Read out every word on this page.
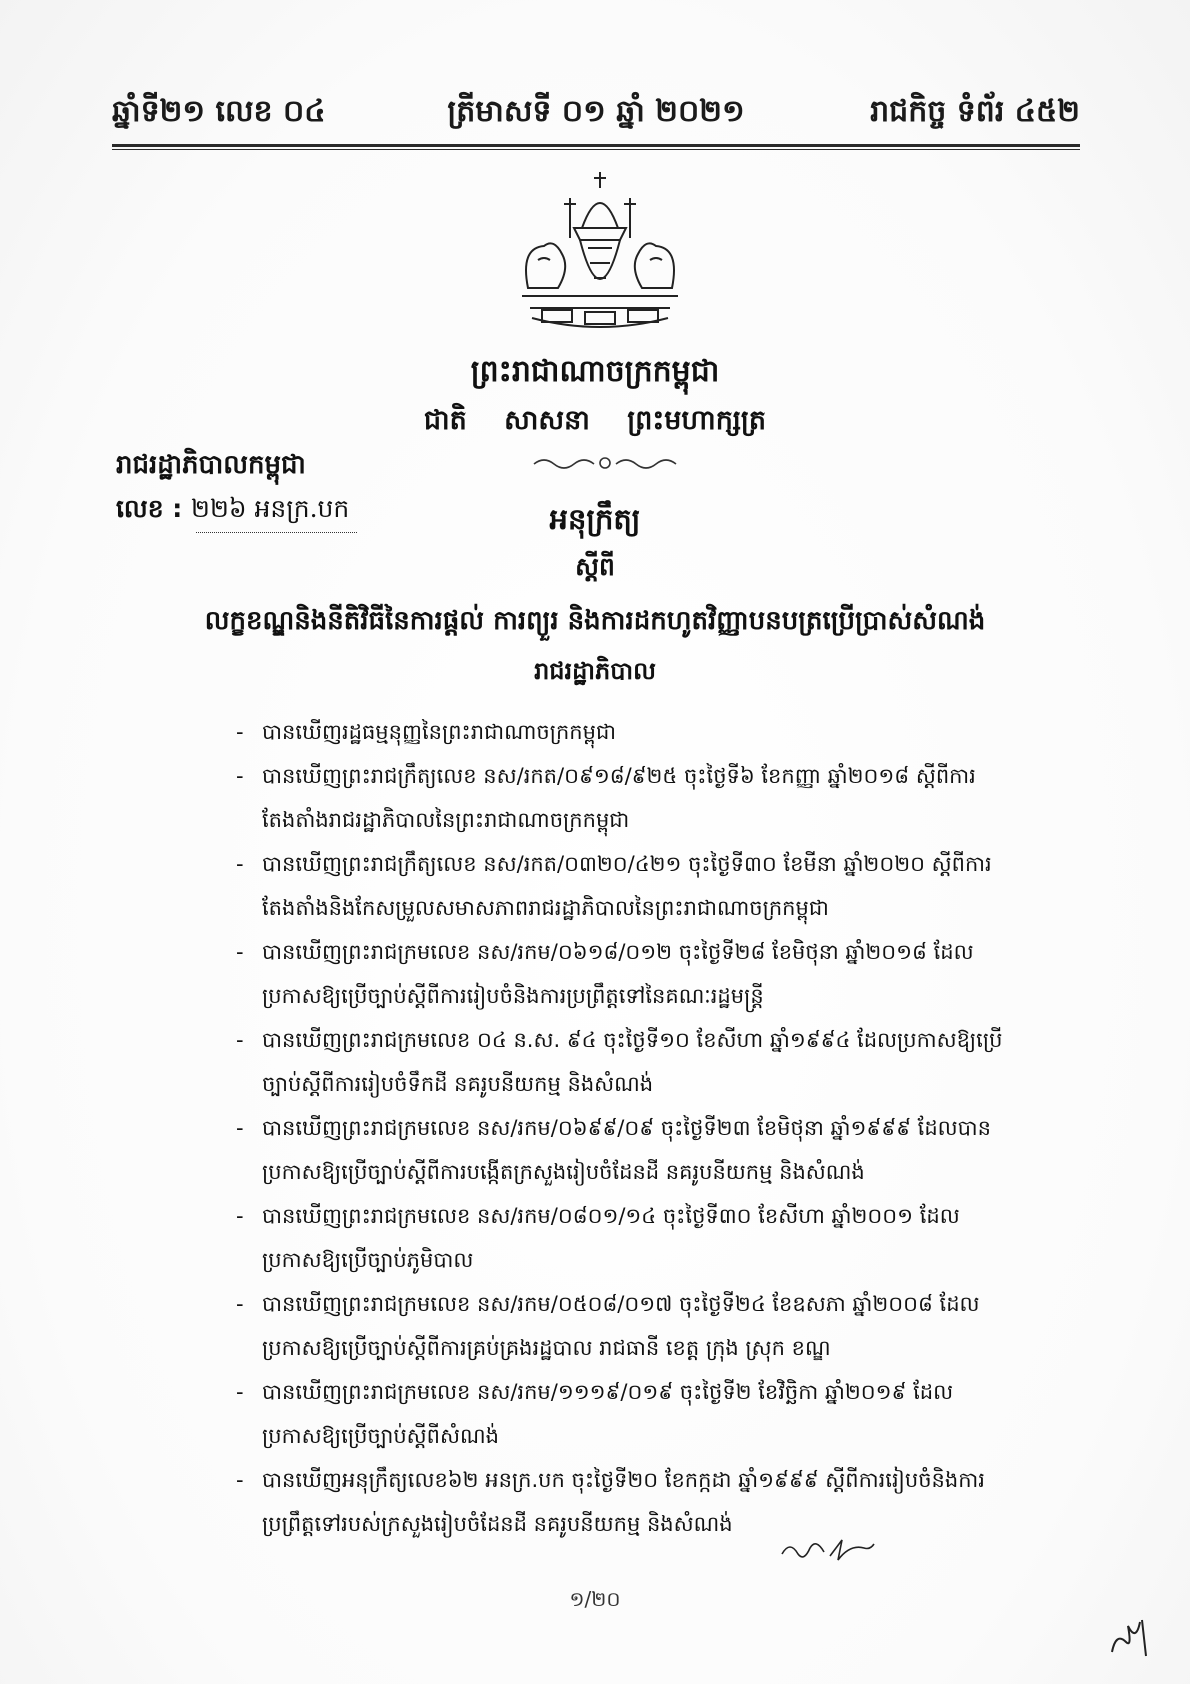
ឆ្នាំទី២១ លេខ ០៤	ត្រីមាសទី ០១ ឆ្នាំ ២០២១	រាជកិច្ច ទំព័រ ៤៥២
ព្រះរាជាណាចក្រកម្ពុជា
ជាតិ សាសនា ព្រះមហាក្សត្រ
រាជរដ្ឋាភិបាលកម្ពុជា
លេខ : ២២៦ អនក្រ.បក	អនុក្រឹត្យ
ស្តីពី
លក្ខខណ្ឌនិងនីតិវិធីនៃការផ្តល់ ការព្យួរ និងការដកហូតវិញ្ញាបនបត្រប្រើប្រាស់សំណង់
រាជរដ្ឋាភិបាល
- បានឃើញរដ្ឋធម្មនុញ្ញនៃព្រះរាជាណាចក្រកម្ពុជា
- បានឃើញព្រះរាជក្រឹត្យលេខ នស/រកត/០៩១៨/៩២៥ ចុះថ្ងៃទី៦ ខែកញ្ញា ឆ្នាំ២០១៨ ស្តីពីការតែងតាំងរាជរដ្ឋាភិបាលនៃព្រះរាជាណាចក្រកម្ពុជា
- បានឃើញព្រះរាជក្រឹត្យលេខ នស/រកត/០៣២០/៤២១ ចុះថ្ងៃទី៣០ ខែមីនា ឆ្នាំ២០២០ ស្តីពីការតែងតាំងនិងកែសម្រួលសមាសភាពរាជរដ្ឋាភិបាលនៃព្រះរាជាណាចក្រកម្ពុជា
- បានឃើញព្រះរាជក្រមលេខ នស/រកម/០៦១៨/០១២ ចុះថ្ងៃទី២៨ ខែមិថុនា ឆ្នាំ២០១៨ ដែលប្រកាសឱ្យប្រើច្បាប់ស្តីពីការរៀបចំនិងការប្រព្រឹត្តទៅនៃគណៈរដ្ឋមន្ត្រី
- បានឃើញព្រះរាជក្រមលេខ ០៤ ន.ស. ៩៤ ចុះថ្ងៃទី១០ ខែសីហា ឆ្នាំ១៩៩៤ ដែលប្រកាសឱ្យប្រើច្បាប់ស្តីពីការរៀបចំទឹកដី នគរូបនីយកម្ម និងសំណង់
- បានឃើញព្រះរាជក្រមលេខ នស/រកម/០៦៩៩/០៩ ចុះថ្ងៃទី២៣ ខែមិថុនា ឆ្នាំ១៩៩៩ ដែលបានប្រកាសឱ្យប្រើច្បាប់ស្តីពីការបង្កើតក្រសួងរៀបចំដែនដី នគរូបនីយកម្ម និងសំណង់
- បានឃើញព្រះរាជក្រមលេខ នស/រកម/០៨០១/១៤ ចុះថ្ងៃទី៣០ ខែសីហា ឆ្នាំ២០០១ ដែលប្រកាសឱ្យប្រើច្បាប់ភូមិបាល
- បានឃើញព្រះរាជក្រមលេខ នស/រកម/០៥០៨/០១៧ ចុះថ្ងៃទី២៤ ខែឧសភា ឆ្នាំ២០០៨ ដែលប្រកាសឱ្យប្រើច្បាប់ស្តីពីការគ្រប់គ្រងរដ្ឋបាល រាជធានី ខេត្ត ក្រុង ស្រុក ខណ្ឌ
- បានឃើញព្រះរាជក្រមលេខ នស/រកម/១១១៩/០១៩ ចុះថ្ងៃទី២ ខែវិច្ឆិកា ឆ្នាំ២០១៩ ដែលប្រកាសឱ្យប្រើច្បាប់ស្តីពីសំណង់
- បានឃើញអនុក្រឹត្យលេខ៦២ អនក្រ.បក ចុះថ្ងៃទី២០ ខែកក្កដា ឆ្នាំ១៩៩៩ ស្តីពីការរៀបចំនិងការប្រព្រឹត្តទៅរបស់ក្រសួងរៀបចំដែនដី នគរូបនីយកម្ម និងសំណង់
១/២០
